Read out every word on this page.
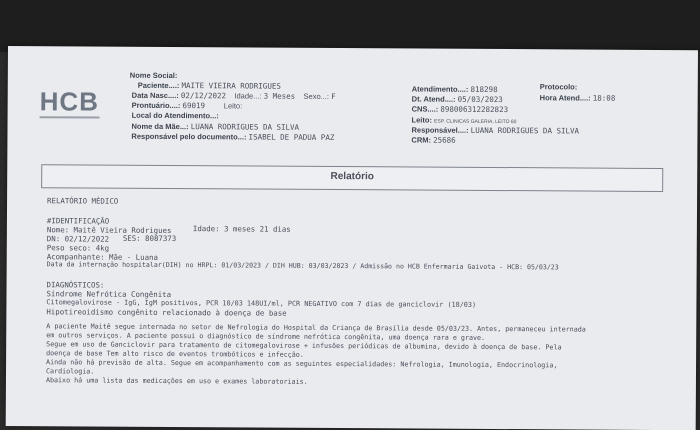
HCB
Nome Social:
Paciente....: MAITE VIEIRA RODRIGUES
Data Nasc....: 02/12/2022 Idade...: 3 Meses Sexo...: F
Prontuário....: 69019 Leito:
Local do Atendimento...:
Nome da Mãe...: LUANA RODRIGUES DA SILVA
Responsável pelo documento...: ISABEL DE PADUA PAZ
Atendimento....: 818298	Protocolo:
Dt. Atend....: 05/03/2023	Hora Atend....: 18:08
CNS....: 898006312282823
Leito: ESP. CLINICAS GALERIA, LEITO 60
Responsável....: LUANA RODRIGUES DA SILVA
CRM: 25686
Relatório
RELATÓRIO MÉDICO
#IDENTIFICAÇÃO
Nome: Maitê Vieira Rodrigues	Idade: 3 meses 21 dias
DN: 02/12/2022 SES: 8087373
Peso seco: 4kg
Acompanhante: Mãe - Luana
Data da internação hospitalar(DIH) no HRPL: 01/03/2023 / DIH HUB: 03/03/2023 / Admissão no HCB Enfermaria Gaivota - HCB: 05/03/23
DIAGNÓSTICOS:
Síndrome Nefrótica Congênita
Citomegalovirose - IgG, IgM positivos, PCR 10/03 148UI/ml, PCR NEGATIVO com 7 dias de ganciclovir (18/03)
Hipotireoidismo congênito relacionado à doença de base
A paciente Maitê segue internada no setor de Nefrologia do Hospital da Criança de Brasília desde 05/03/23. Antes, permaneceu internada
em outros serviços. A paciente possui o diagnóstico de síndrome nefrótica congênita, uma doença rara e grave.
Segue em uso de Ganciclovir para tratamento de citomegalovirose + infusões periódicas de albumina, devido à doença de base. Pela
doença de base Tem alto risco de eventos trombóticos e infecção.
Ainda não há previsão de alta. Segue em acompanhamento com as seguintes especialidades: Nefrologia, Imunologia, Endocrinologia,
Cardiologia.
Abaixo há uma lista das medicações em uso e exames laboratoriais.
